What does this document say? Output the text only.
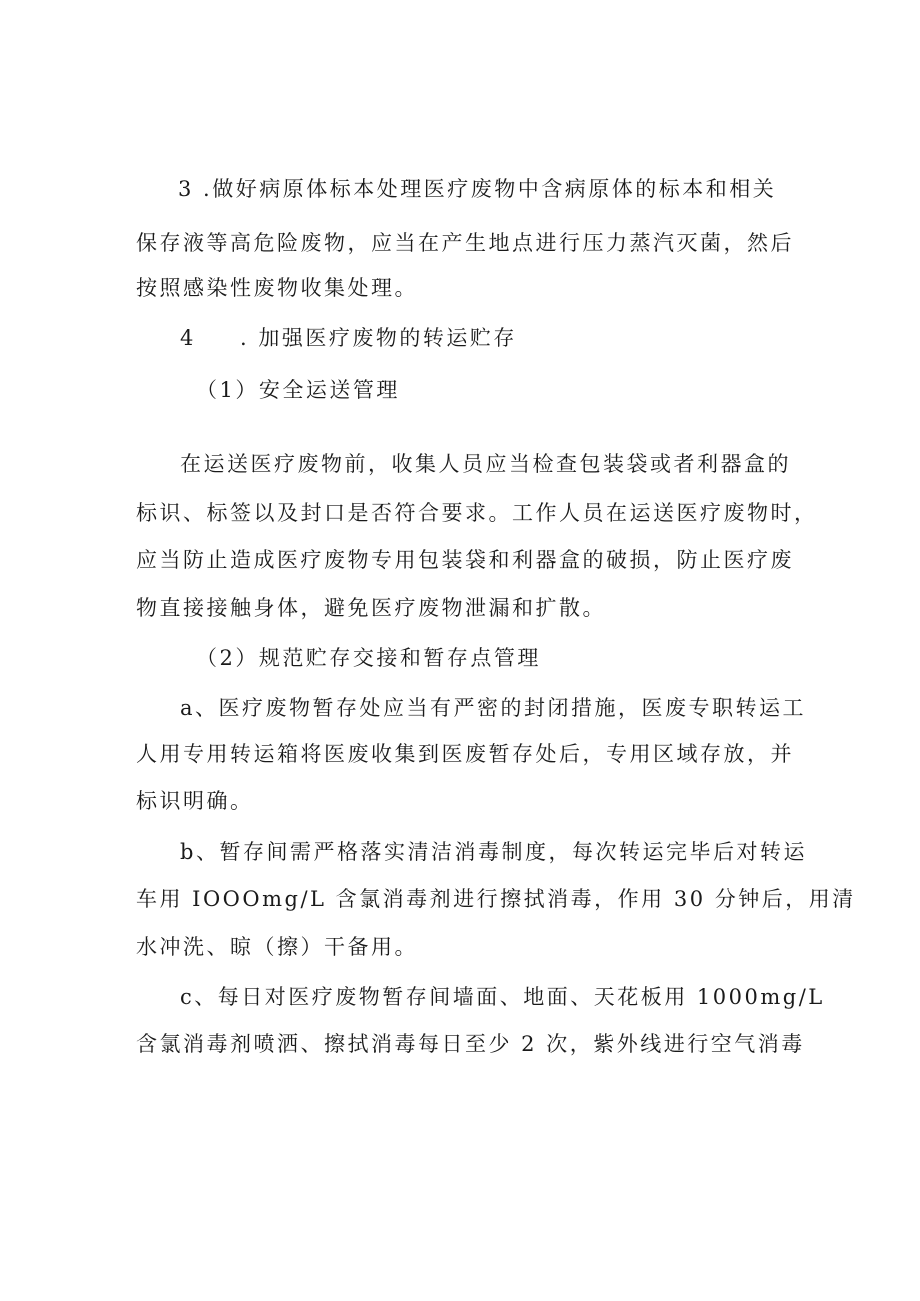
3 .做好病原体标本处理医疗废物中含病原体的标本和相关
保存液等高危险废物，应当在产生地点进行压力蒸汽灭菌，然后
按照感染性废物收集处理。
4 . 加强医疗废物的转运贮存
（1）安全运送管理
在运送医疗废物前，收集人员应当检查包装袋或者利器盒的
标识、标签以及封口是否符合要求。工作人员在运送医疗废物时，
应当防止造成医疗废物专用包装袋和利器盒的破损，防止医疗废
物直接接触身体，避免医疗废物泄漏和扩散。
（2）规范贮存交接和暂存点管理
a、医疗废物暂存处应当有严密的封闭措施，医废专职转运工
人用专用转运箱将医废收集到医废暂存处后，专用区域存放，并
标识明确。
b、暂存间需严格落实清洁消毒制度，每次转运完毕后对转运
车用 IOOOmg/L 含氯消毒剂进行擦拭消毒，作用 30 分钟后，用清
水冲洗、晾（擦）干备用。
c、每日对医疗废物暂存间墙面、地面、天花板用 1000mg/L
含氯消毒剂喷洒、擦拭消毒每日至少 2 次，紫外线进行空气消毒
